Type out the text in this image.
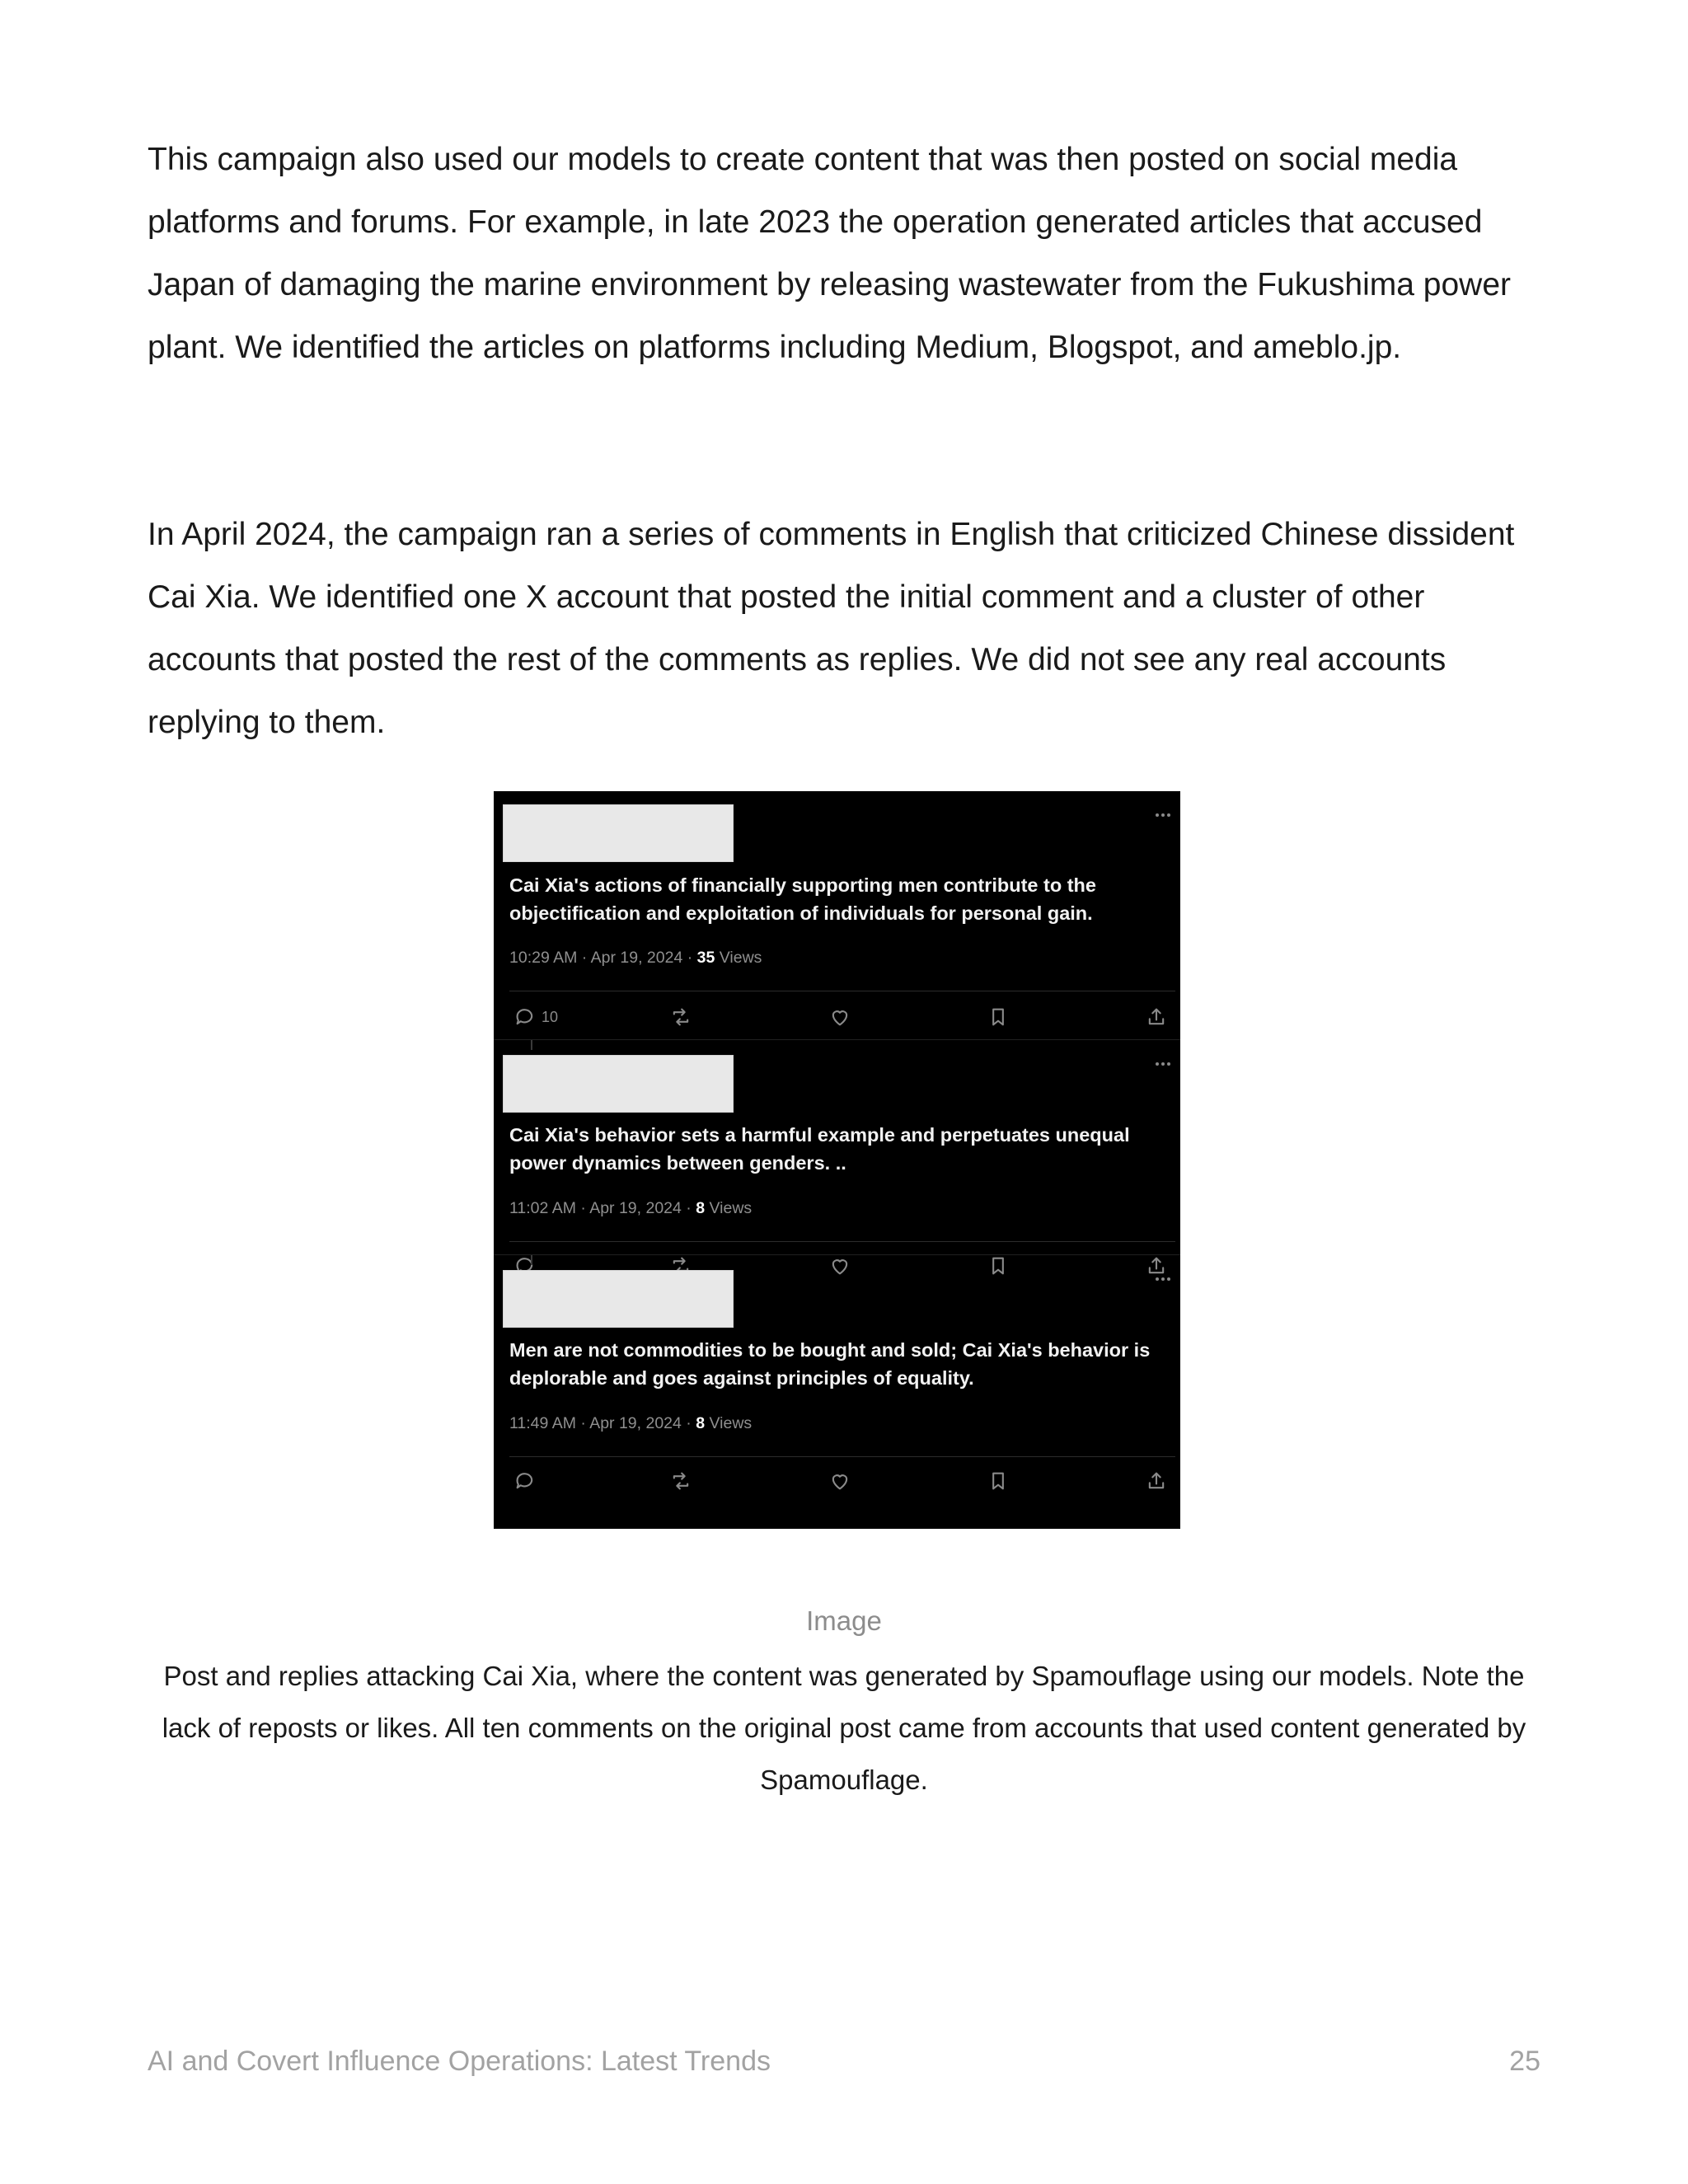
This campaign also used our models to create content that was then posted on social media platforms and forums. For example, in late 2023 the operation generated articles that accused Japan of damaging the marine environment by releasing wastewater from the Fukushima power plant. We identified the articles on platforms including Medium, Blogspot, and ameblo.jp.

In April 2024, the campaign ran a series of comments in English that criticized Chinese dissident Cai Xia. We identified one X account that posted the initial comment and a cluster of other accounts that posted the rest of the comments as replies. We did not see any real accounts replying to them.

Cai Xia's actions of financially supporting men contribute to the objectification and exploitation of individuals for personal gain.
10:29 AM · Apr 19, 2024 · 35 Views
10
Cai Xia's behavior sets a harmful example and perpetuates unequal power dynamics between genders. ..
11:02 AM · Apr 19, 2024 · 8 Views
Men are not commodities to be bought and sold; Cai Xia's behavior is deplorable and goes against principles of equality.
11:49 AM · Apr 19, 2024 · 8 Views
Image

Post and replies attacking Cai Xia, where the content was generated by Spamouflage using our models. Note the lack of reposts or likes. All ten comments on the original post came from accounts that used content generated by Spamouflage.

AI and Covert Influence Operations: Latest Trends	25
